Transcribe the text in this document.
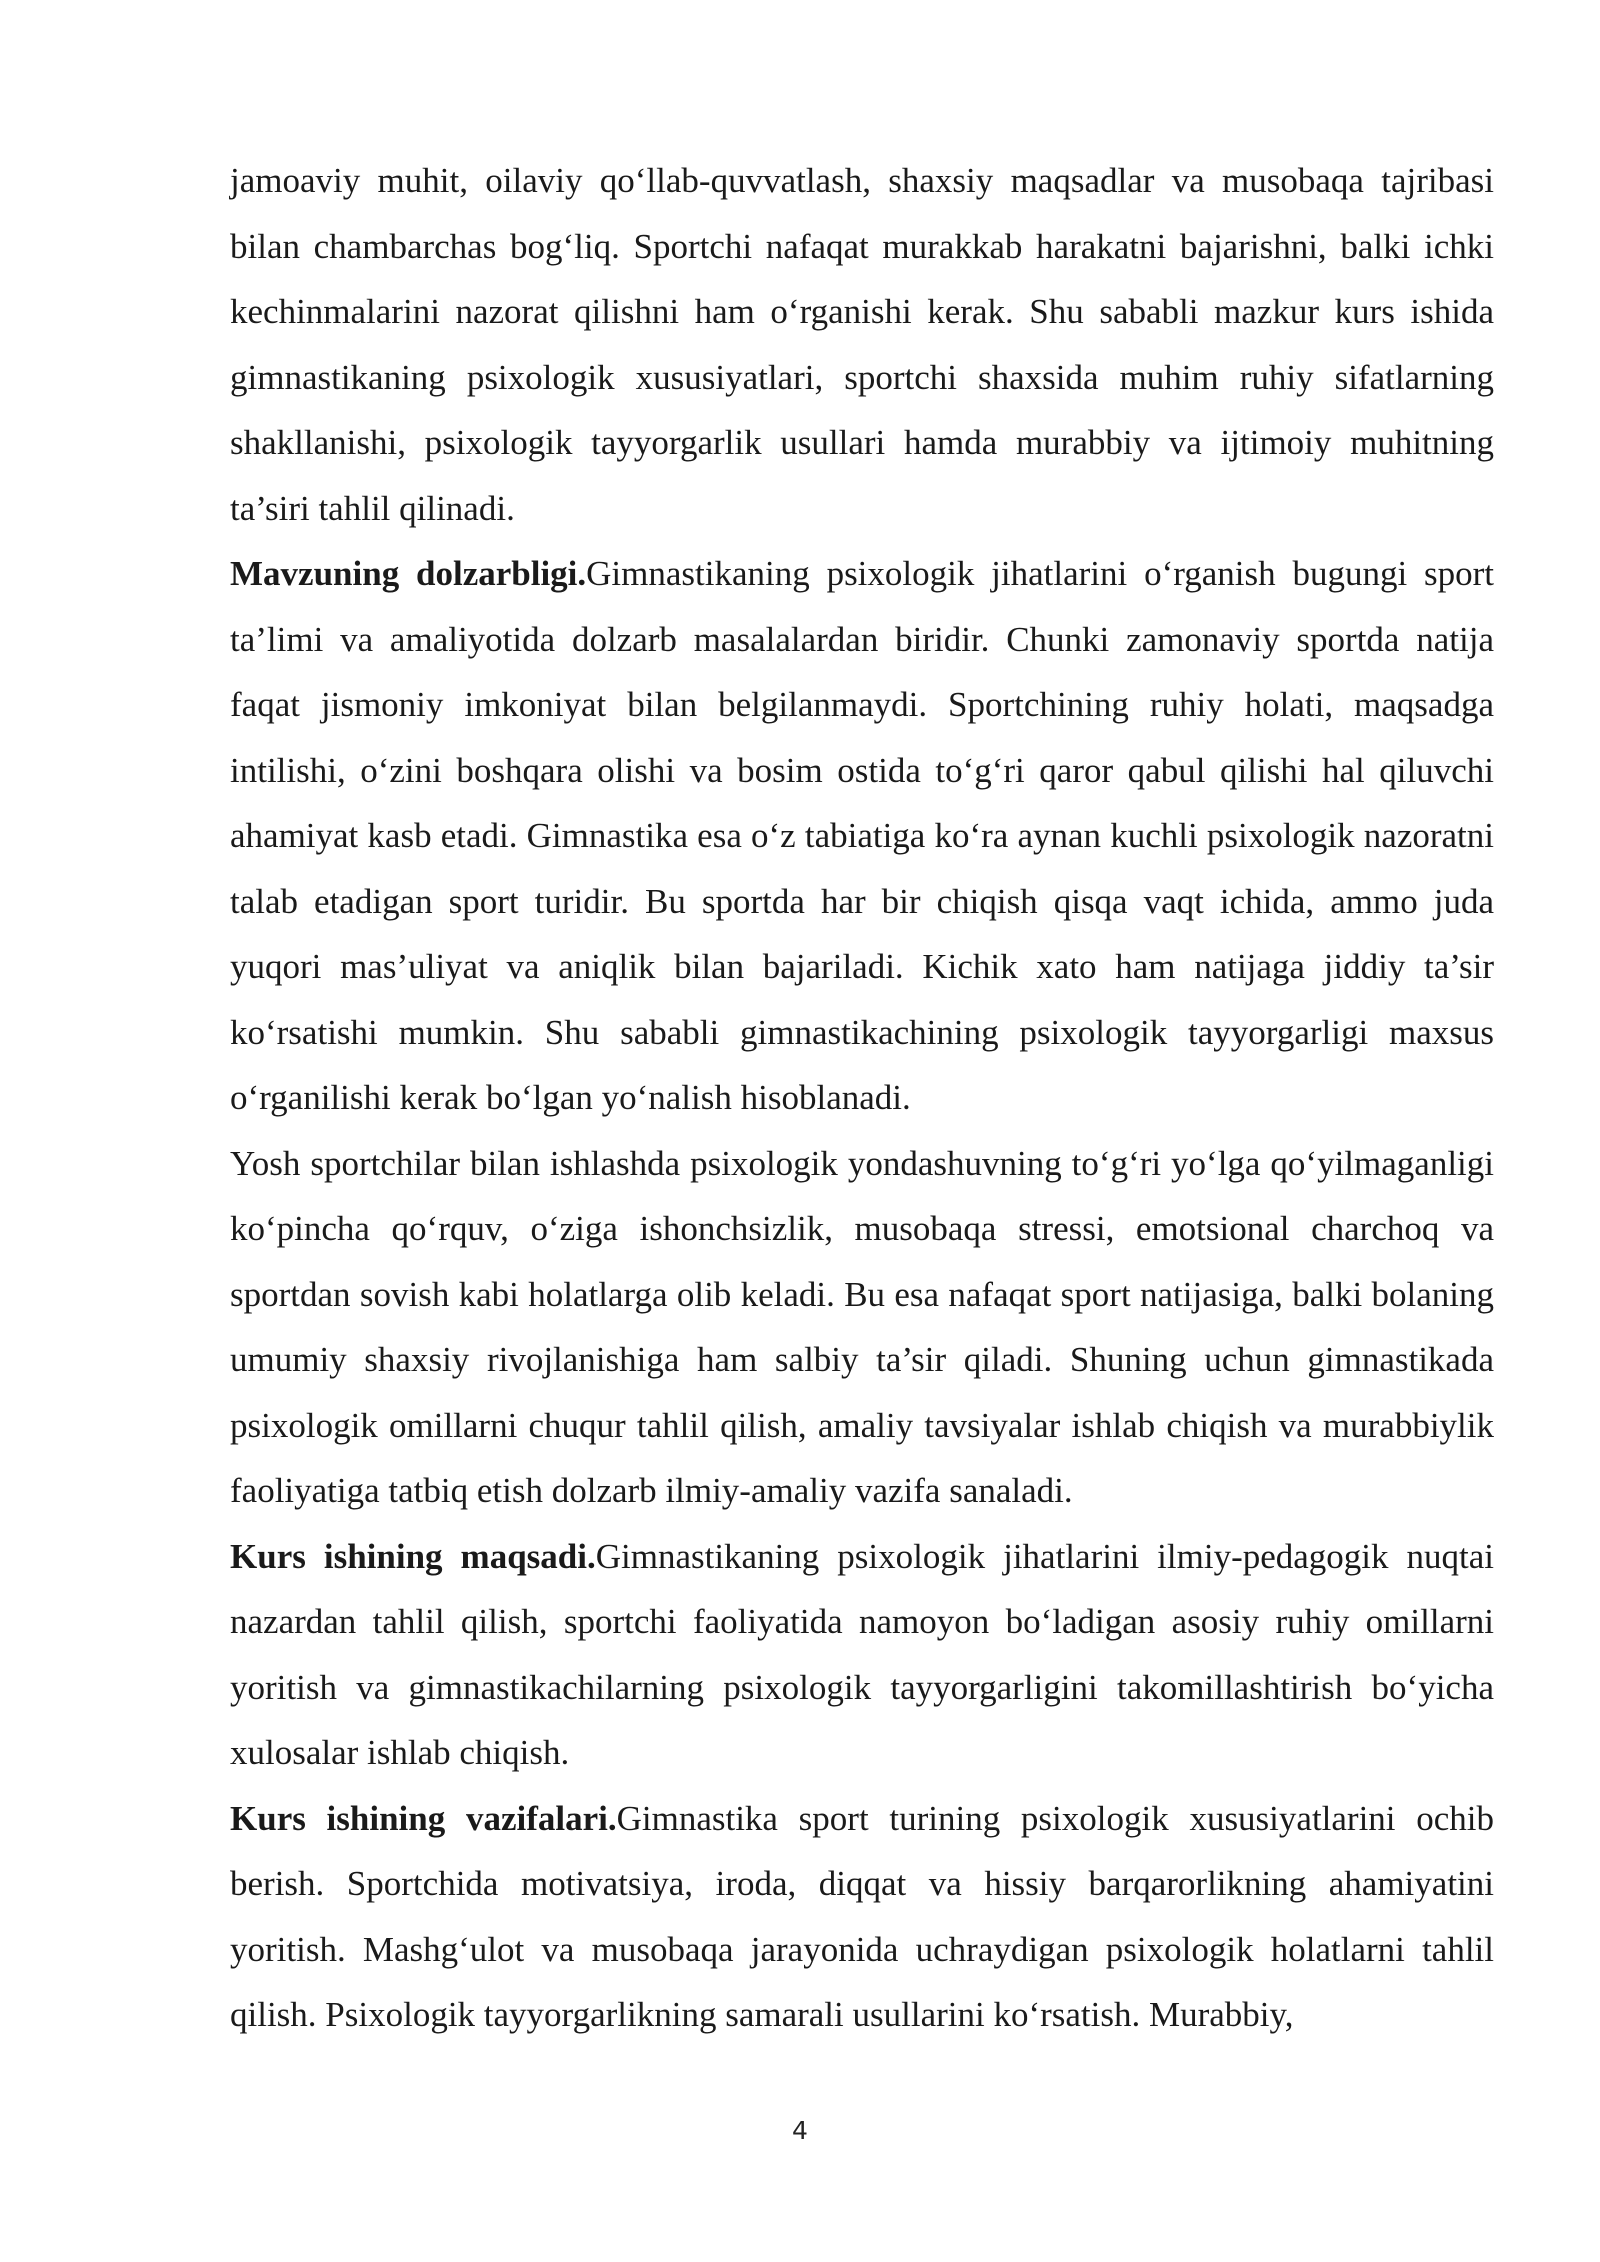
jamoaviy muhit, oilaviy qo‘llab-quvvatlash, shaxsiy maqsadlar va musobaqa tajribasi bilan chambarchas bog‘liq. Sportchi nafaqat murakkab harakatni bajarishni, balki ichki kechinmalarini nazorat qilishni ham o‘rganishi kerak. Shu sababli mazkur kurs ishida gimnastikaning psixologik xususiyatlari, sportchi shaxsida muhim ruhiy sifatlarning shakllanishi, psixologik tayyorgarlik usullari hamda murabbiy va ijtimoiy muhitning ta’siri tahlil qilinadi.

Mavzuning dolzarbligi.Gimnastikaning psixologik jihatlarini o‘rganish bugungi sport ta’limi va amaliyotida dolzarb masalalardan biridir. Chunki zamonaviy sportda natija faqat jismoniy imkoniyat bilan belgilanmaydi. Sportchining ruhiy holati, maqsadga intilishi, o‘zini boshqara olishi va bosim ostida to‘g‘ri qaror qabul qilishi hal qiluvchi ahamiyat kasb etadi. Gimnastika esa o‘z tabiatiga ko‘ra aynan kuchli psixologik nazoratni talab etadigan sport turidir. Bu sportda har bir chiqish qisqa vaqt ichida, ammo juda yuqori mas’uliyat va aniqlik bilan bajariladi. Kichik xato ham natijaga jiddiy ta’sir ko‘rsatishi mumkin. Shu sababli gimnastikachining psixologik tayyorgarligi maxsus o‘rganilishi kerak bo‘lgan yo‘nalish hisoblanadi.

Yosh sportchilar bilan ishlashda psixologik yondashuvning to‘g‘ri yo‘lga qo‘yilmaganligi ko‘pincha qo‘rquv, o‘ziga ishonchsizlik, musobaqa stressi, emotsional charchoq va sportdan sovish kabi holatlarga olib keladi. Bu esa nafaqat sport natijasiga, balki bolaning umumiy shaxsiy rivojlanishiga ham salbiy ta’sir qiladi. Shuning uchun gimnastikada psixologik omillarni chuqur tahlil qilish, amaliy tavsiyalar ishlab chiqish va murabbiylik faoliyatiga tatbiq etish dolzarb ilmiy-amaliy vazifa sanaladi.

Kurs ishining maqsadi.Gimnastikaning psixologik jihatlarini ilmiy-pedagogik nuqtai nazardan tahlil qilish, sportchi faoliyatida namoyon bo‘ladigan asosiy ruhiy omillarni yoritish va gimnastikachilarning psixologik tayyorgarligini takomillashtirish bo‘yicha xulosalar ishlab chiqish.

Kurs ishining vazifalari.Gimnastika sport turining psixologik xususiyatlarini ochib berish. Sportchida motivatsiya, iroda, diqqat va hissiy barqarorlikning ahamiyatini yoritish. Mashg‘ulot va musobaqa jarayonida uchraydigan psixologik holatlarni tahlil qilish. Psixologik tayyorgarlikning samarali usullarini ko‘rsatish. Murabbiy,

4
